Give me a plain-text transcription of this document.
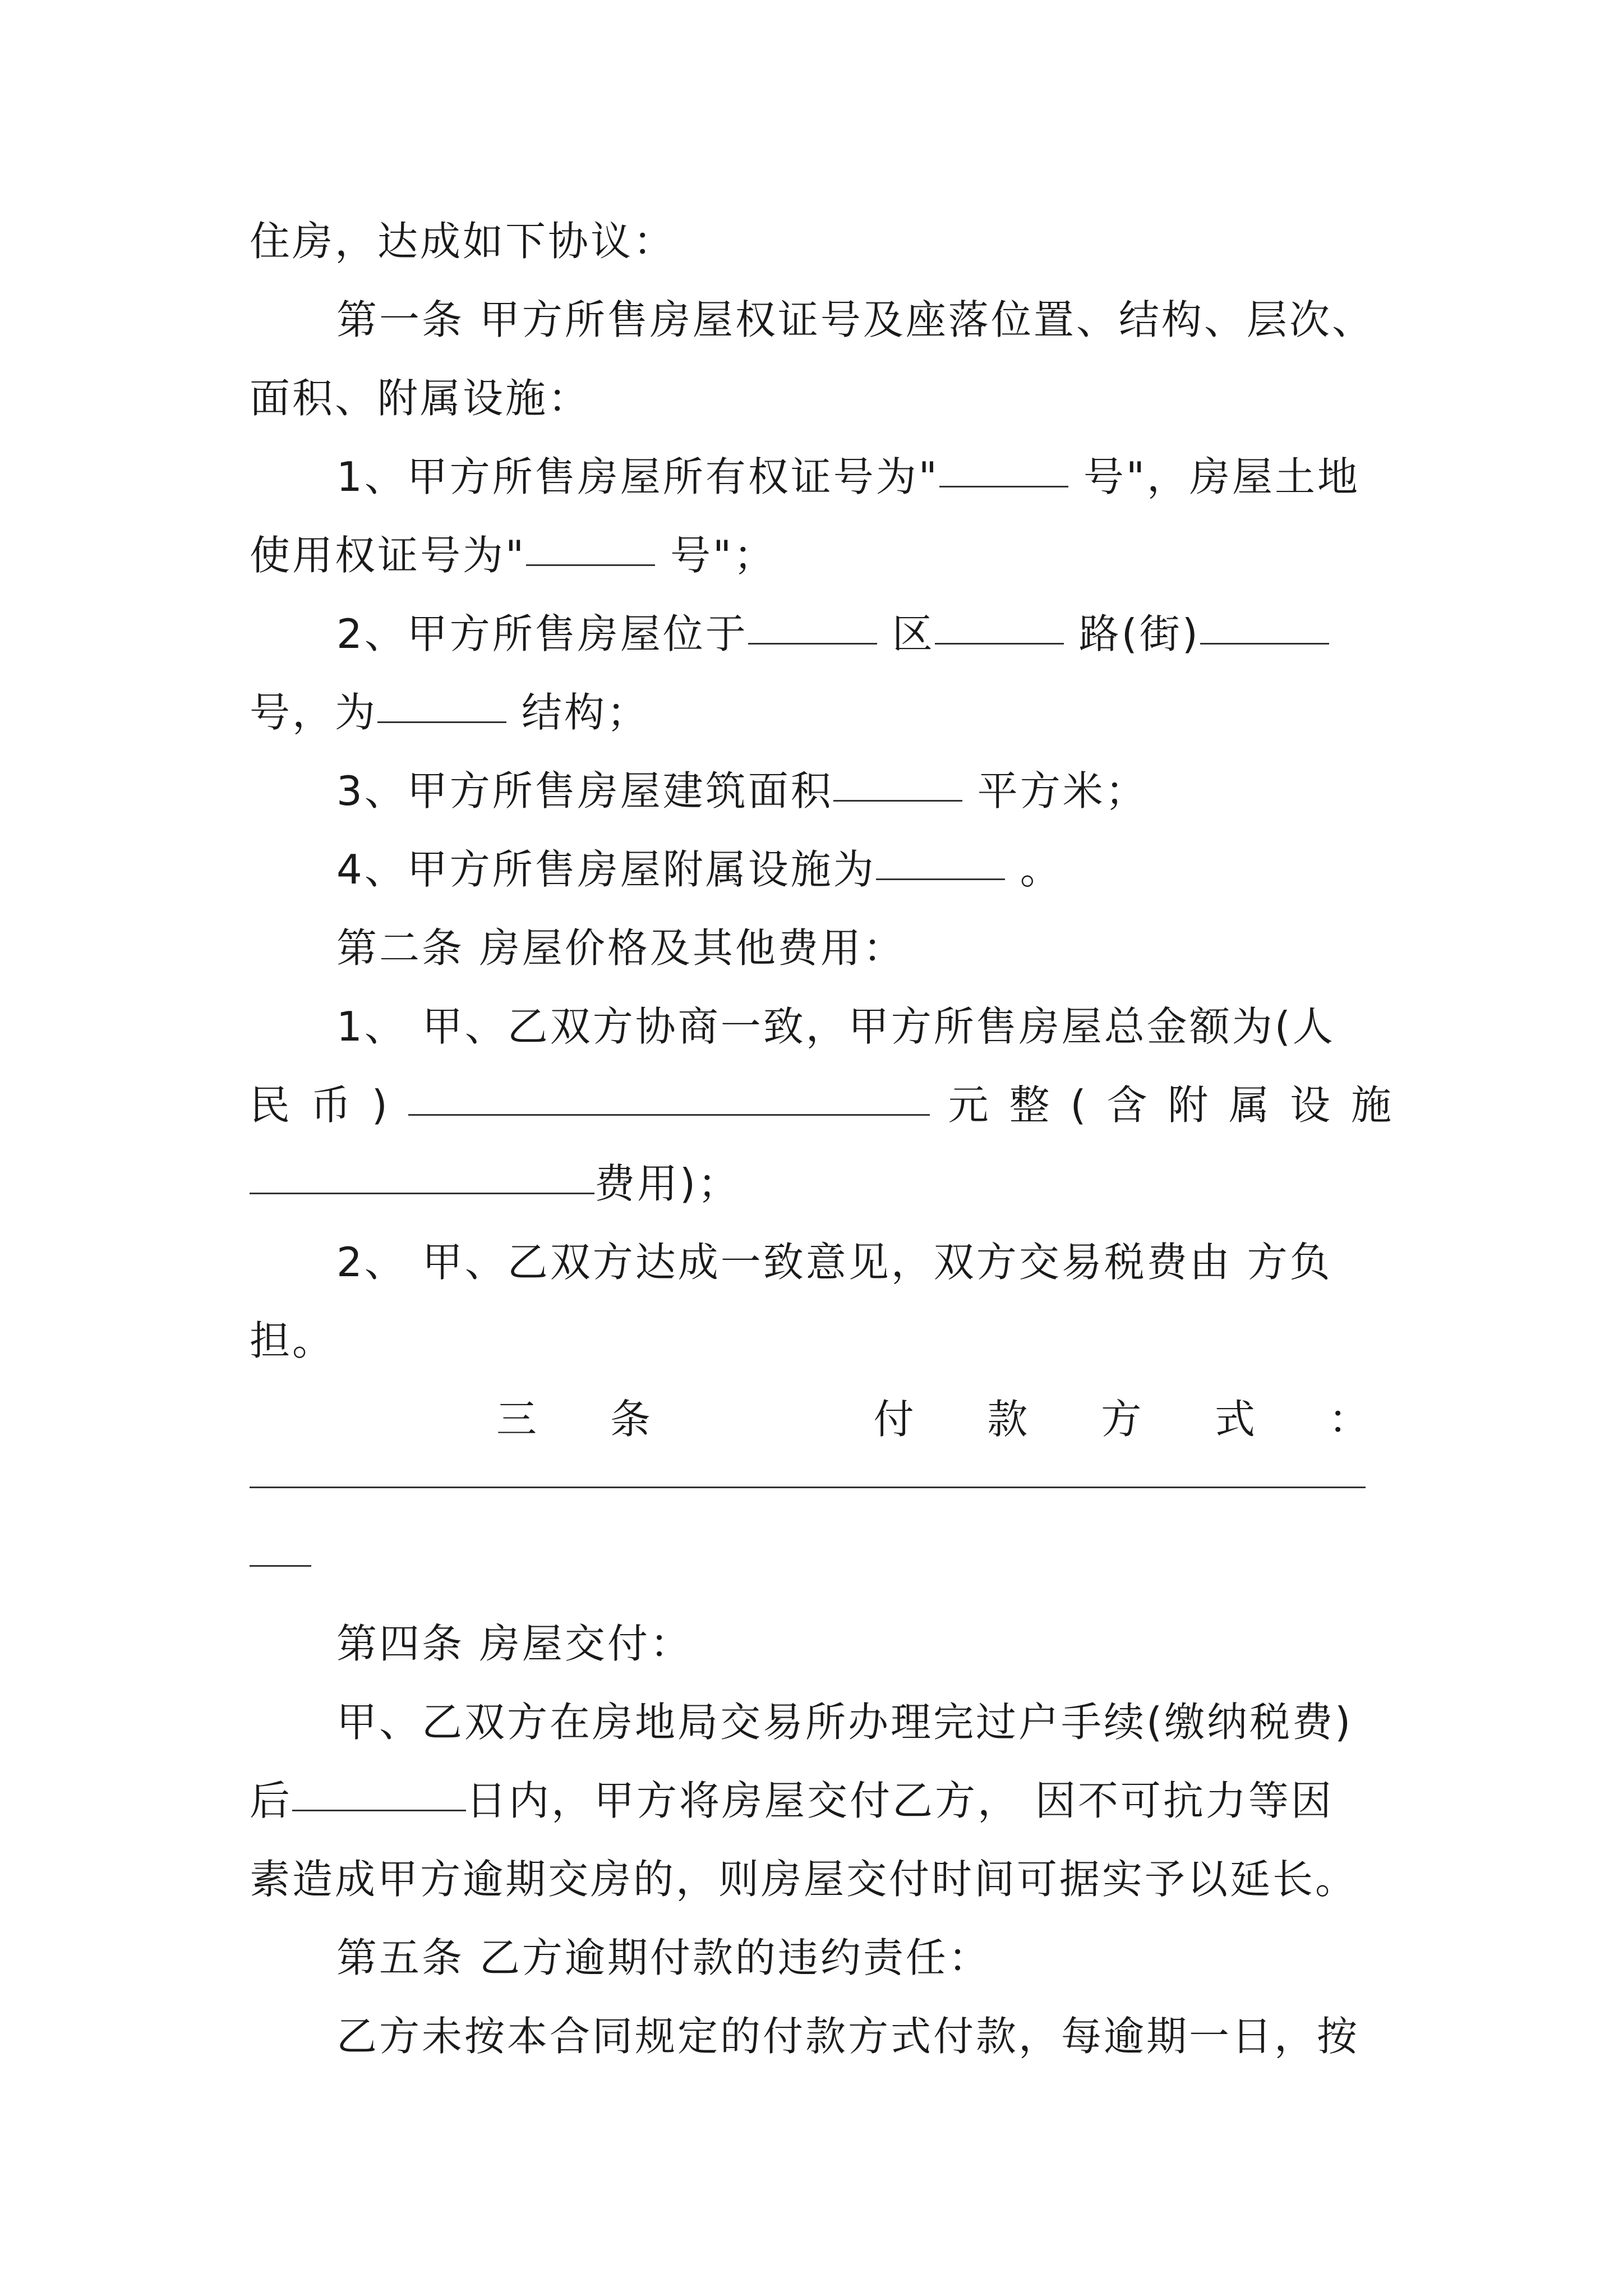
住房，达成如下协议：
第一条 甲方所售房屋权证号及座落位置、结构、层次、
面积、附属设施：
1、甲方所售房屋所有权证号为"	号"，房屋土地
使用权证号为"	号"；
2、甲方所售房屋位于	区	路(街)
号，为	结构；
3、甲方所售房屋建筑面积	平方米；
4、甲方所售房屋附属设施为	。
第二条 房屋价格及其他费用：
1、 甲、乙双方协商一致，甲方所售房屋总金额为(人
民 币 )	元 整 ( 含 附 属 设 施
费用)；
2、 甲、乙双方达成一致意见，双方交易税费由 方负
担。
三 条	付 款 方 式 ：
第四条 房屋交付：
甲、乙双方在房地局交易所办理完过户手续(缴纳税费)
后	日内，甲方将房屋交付乙方， 因不可抗力等因
素造成甲方逾期交房的，则房屋交付时间可据实予以延长。
第五条 乙方逾期付款的违约责任：
乙方未按本合同规定的付款方式付款，每逾期一日，按
